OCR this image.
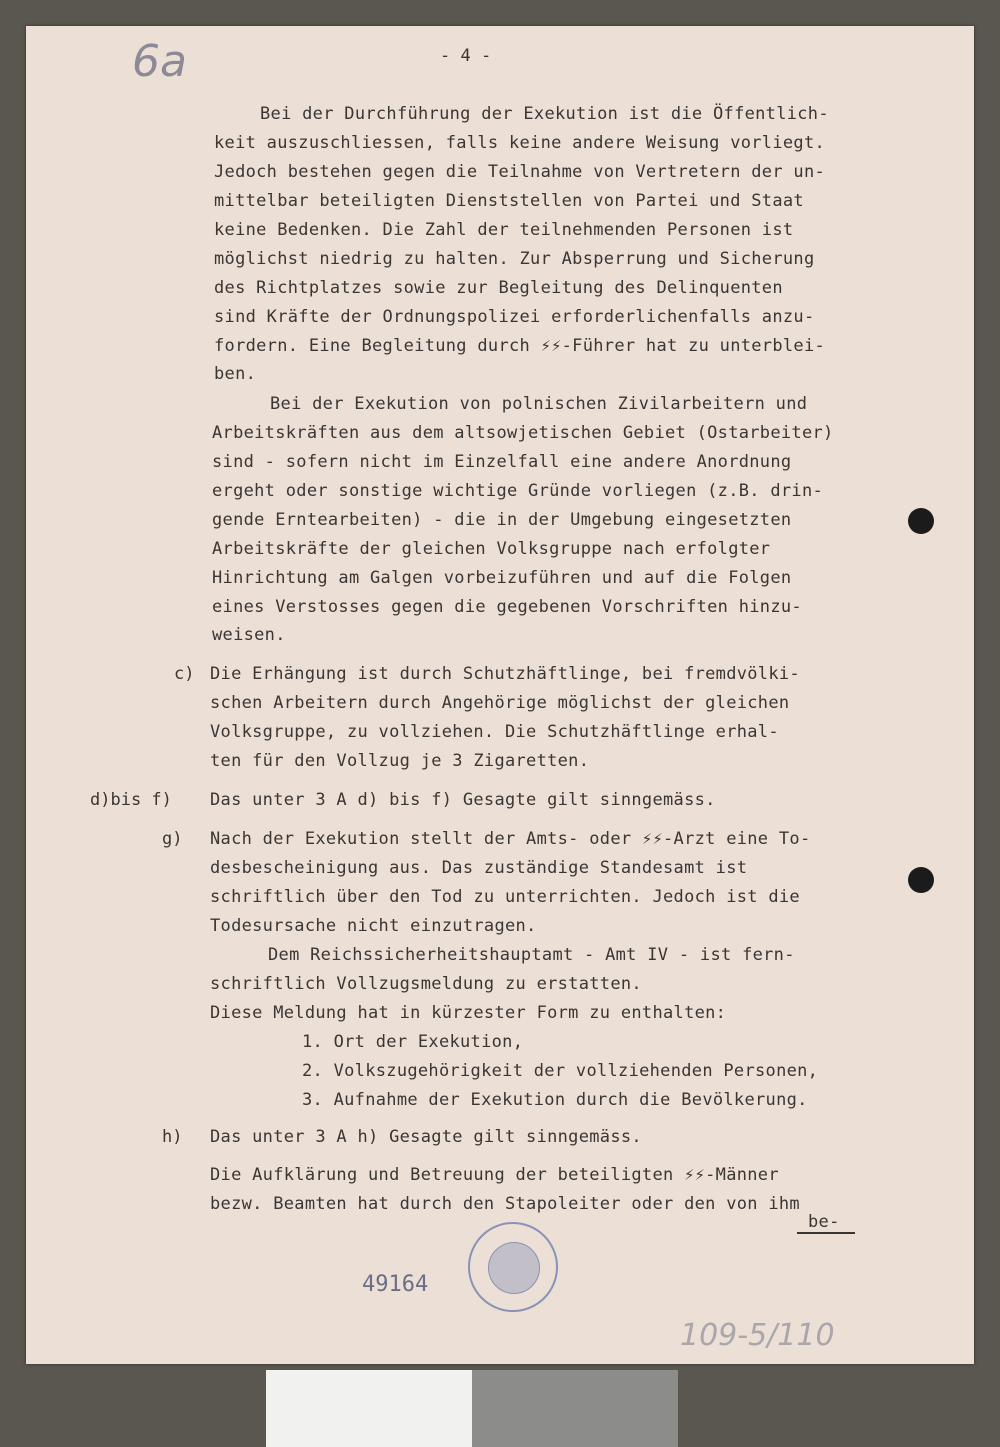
6a	- 4 -
Bei der Durchführung der Exekution ist die Öffentlich-
keit auszuschliessen, falls keine andere Weisung vorliegt.
Jedoch bestehen gegen die Teilnahme von Vertretern der un-
mittelbar beteiligten Dienststellen von Partei und Staat
keine Bedenken. Die Zahl der teilnehmenden Personen ist
möglichst niedrig zu halten. Zur Absperrung und Sicherung
des Richtplatzes sowie zur Begleitung des Delinquenten
sind Kräfte der Ordnungspolizei erforderlichenfalls anzu-
fordern. Eine Begleitung durch ⚡⚡-Führer hat zu unterblei-
ben.
Bei der Exekution von polnischen Zivilarbeitern und
Arbeitskräften aus dem altsowjetischen Gebiet (Ostarbeiter)
sind - sofern nicht im Einzelfall eine andere Anordnung
ergeht oder sonstige wichtige Gründe vorliegen (z.B. drin-
gende Erntearbeiten) - die in der Umgebung eingesetzten
Arbeitskräfte der gleichen Volksgruppe nach erfolgter
Hinrichtung am Galgen vorbeizuführen und auf die Folgen
eines Verstosses gegen die gegebenen Vorschriften hinzu-
weisen.
c) Die Erhängung ist durch Schutzhäftlinge, bei fremdvölki-
schen Arbeitern durch Angehörige möglichst der gleichen
Volksgruppe, zu vollziehen. Die Schutzhäftlinge erhal-
ten für den Vollzug je 3 Zigaretten.
d)bis f) Das unter 3 A d) bis f) Gesagte gilt sinngemäss.
g) Nach der Exekution stellt der Amts- oder ⚡⚡-Arzt eine To-
desbescheinigung aus. Das zuständige Standesamt ist
schriftlich über den Tod zu unterrichten. Jedoch ist die
Todesursache nicht einzutragen.
Dem Reichssicherheitshauptamt - Amt IV - ist fern-
schriftlich Vollzugsmeldung zu erstatten.
Diese Meldung hat in kürzester Form zu enthalten:
1. Ort der Exekution,
2. Volkszugehörigkeit der vollziehenden Personen,
3. Aufnahme der Exekution durch die Bevölkerung.
h) Das unter 3 A h) Gesagte gilt sinngemäss.
Die Aufklärung und Betreuung der beteiligten ⚡⚡-Männer
bezw. Beamten hat durch den Stapoleiter oder den von ihm
be-
49164
109-5/110
